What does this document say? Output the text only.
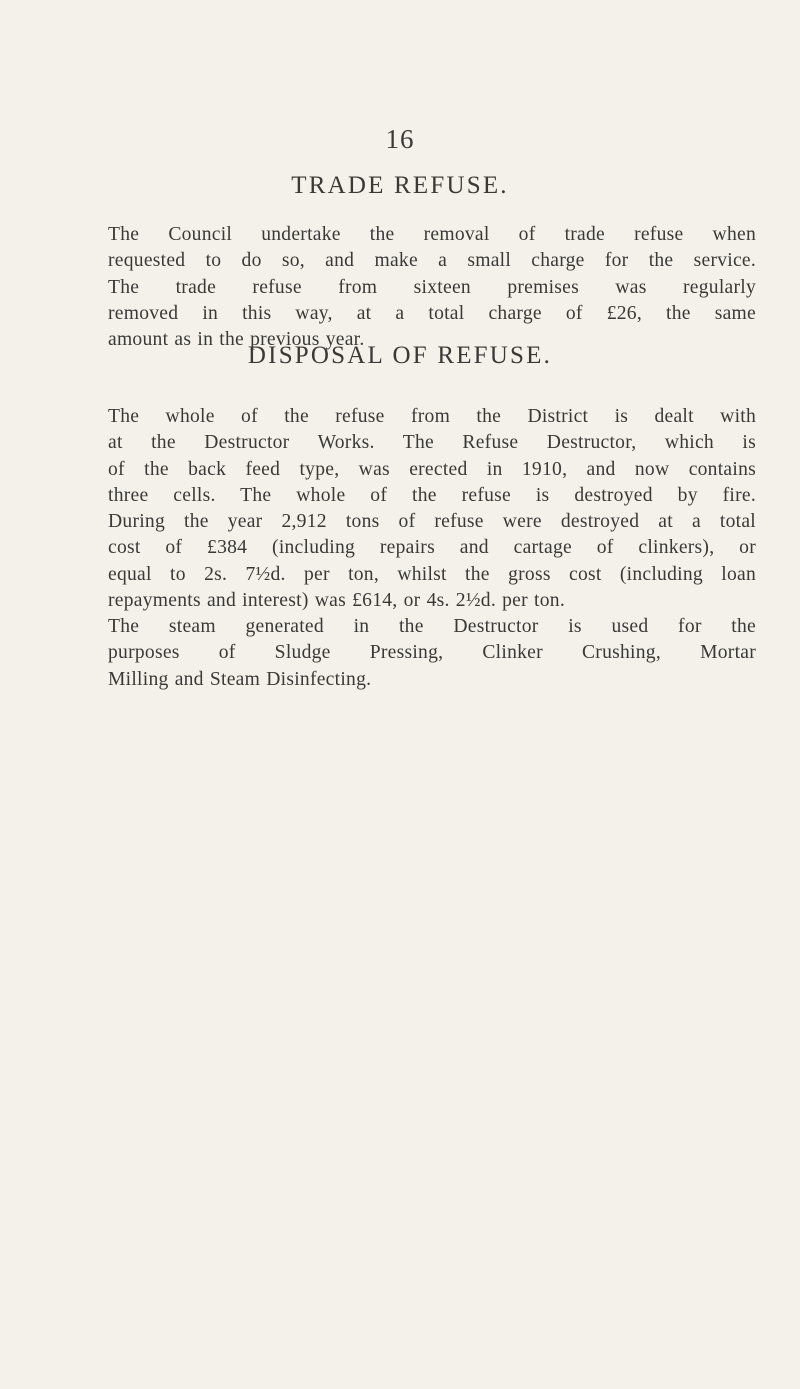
16
TRADE REFUSE.
The Council undertake the removal of trade refuse when
requested to do so, and make a small charge for the service.
The trade refuse from sixteen premises was regularly
removed in this way, at a total charge of £26, the same
amount as in the previous year.
DISPOSAL OF REFUSE.
The whole of the refuse from the District is dealt with
at the Destructor Works. The Refuse Destructor, which is
of the back feed type, was erected in 1910, and now contains
three cells. The whole of the refuse is destroyed by fire.
During the year 2,912 tons of refuse were destroyed at a total
cost of £384 (including repairs and cartage of clinkers), or
equal to 2s. 7½d. per ton, whilst the gross cost (including loan
repayments and interest) was £614, or 4s. 2½d. per ton.
The steam generated in the Destructor is used for the
purposes of Sludge Pressing, Clinker Crushing, Mortar
Milling and Steam Disinfecting.
